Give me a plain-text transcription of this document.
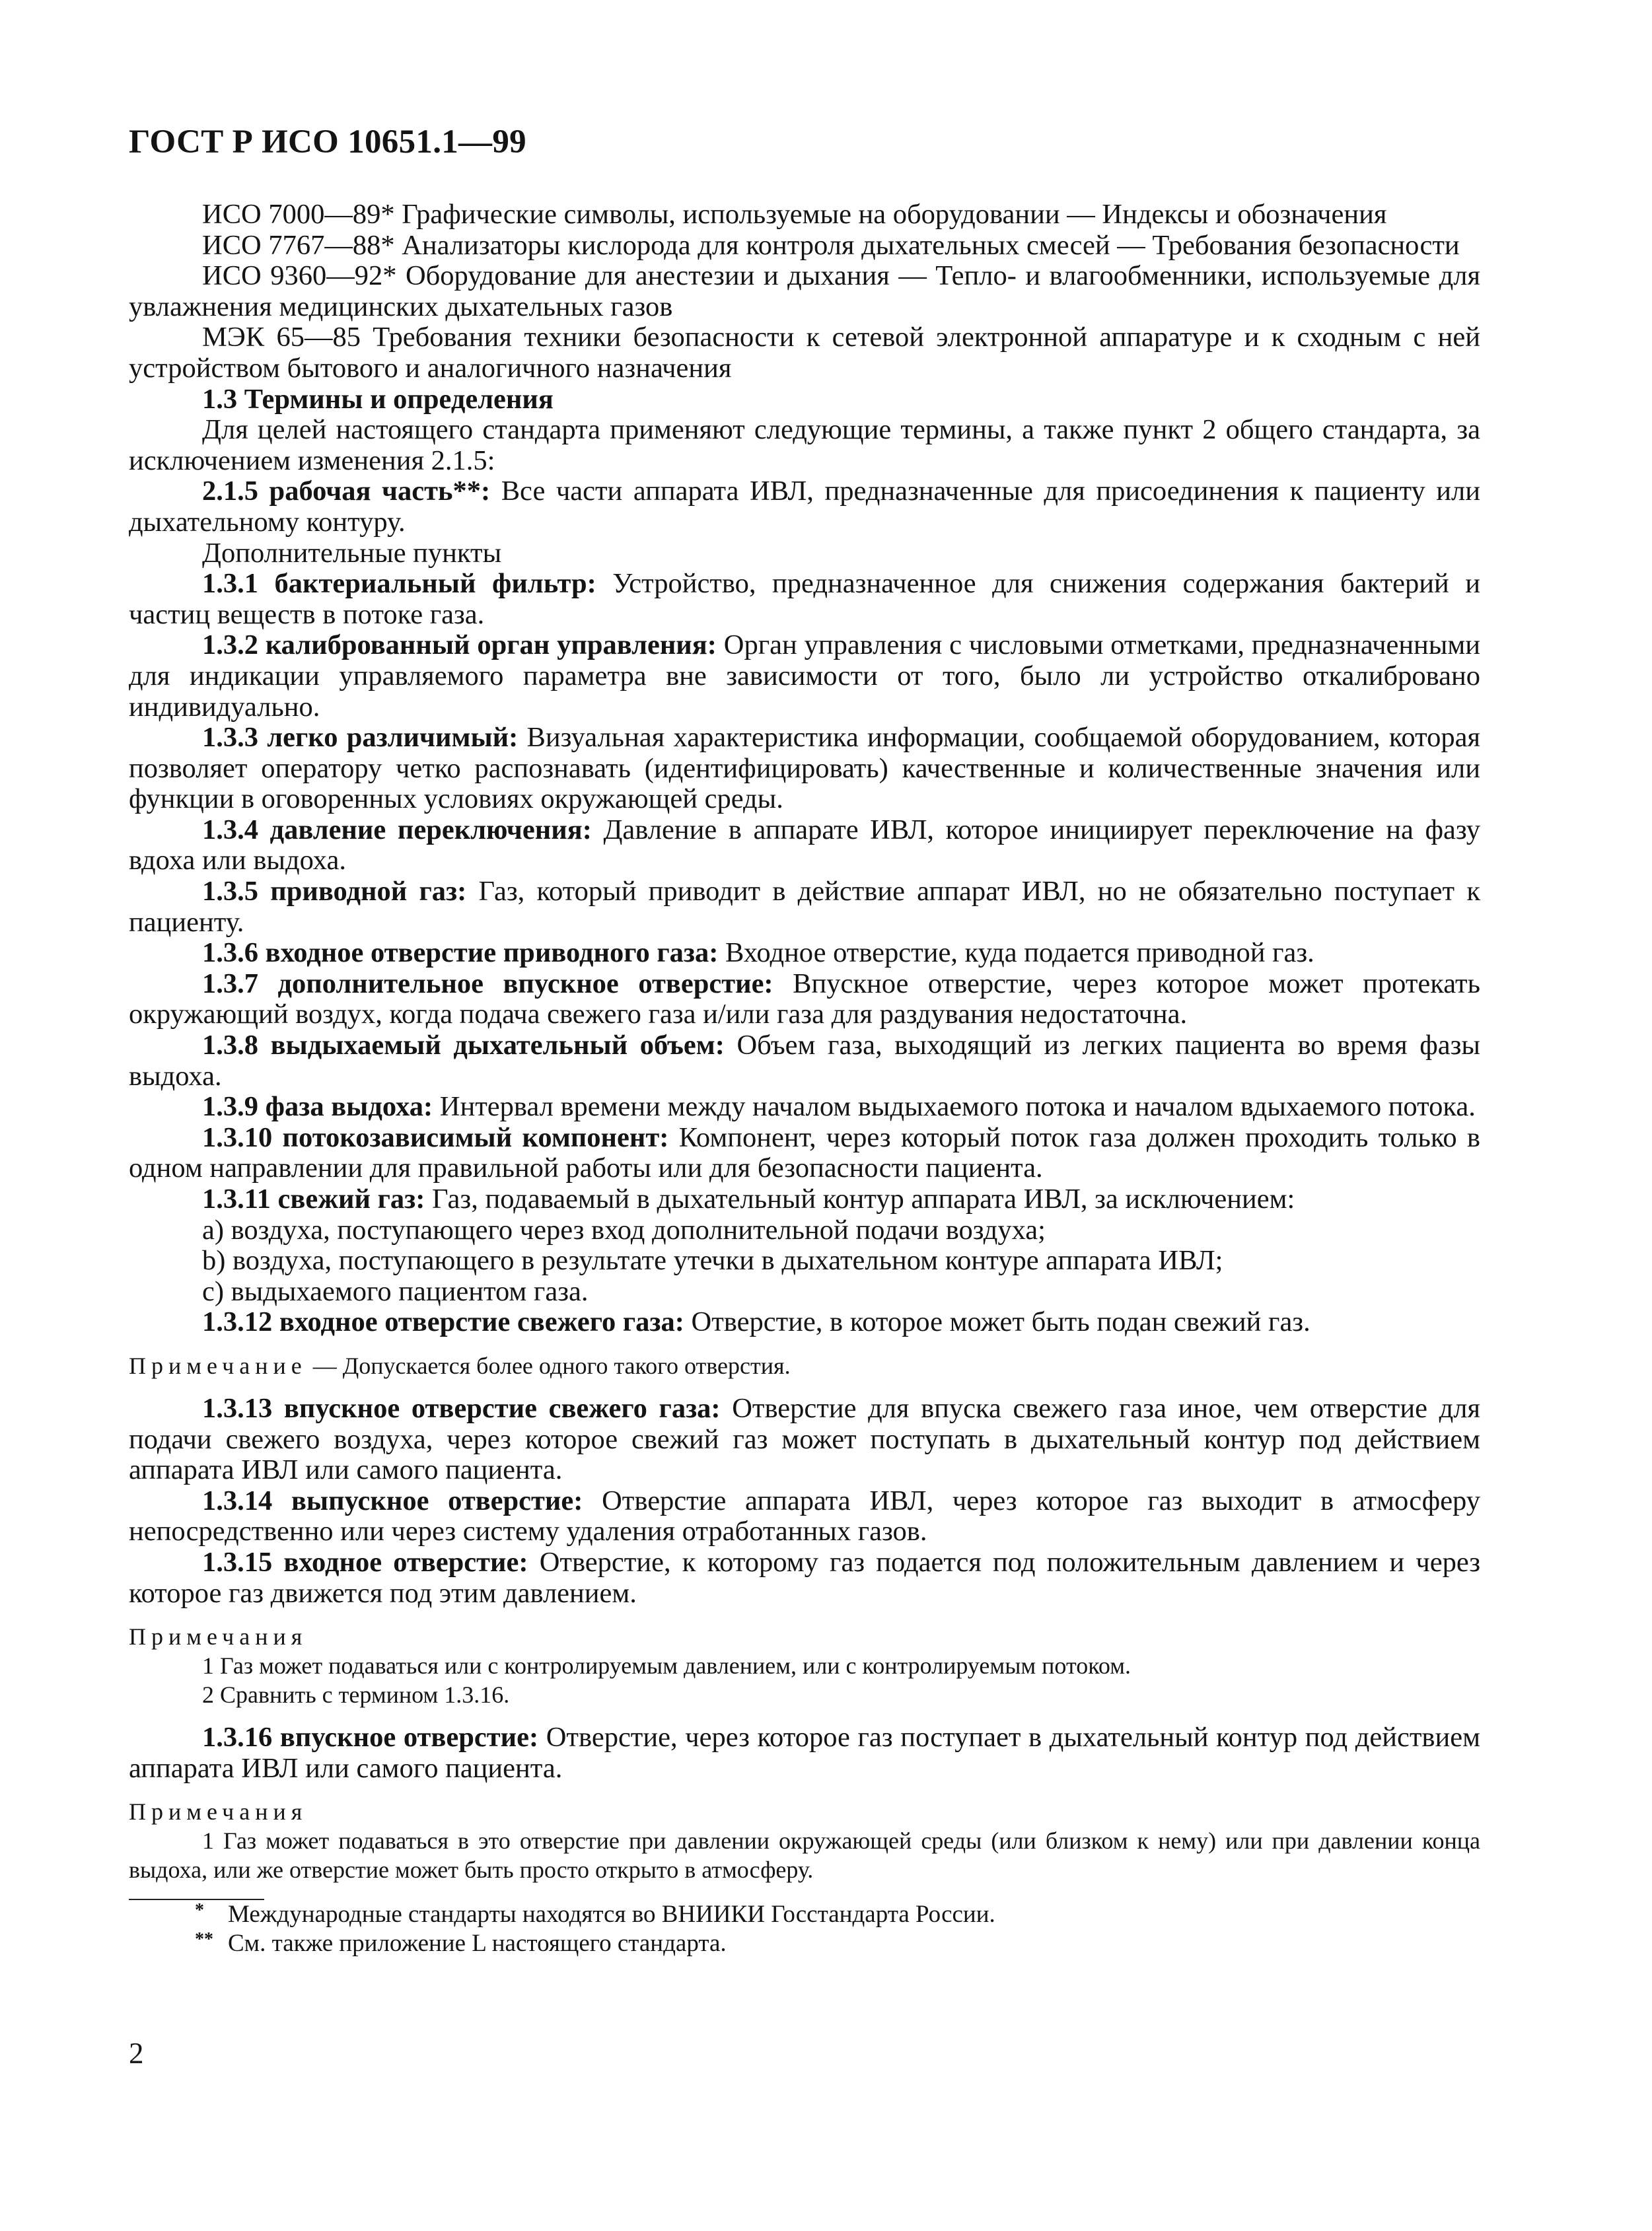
ГОСТ Р ИСО 10651.1—99

ИСО 7000—89* Графические символы, используемые на оборудовании — Индексы и обозначения

ИСО 7767—88* Анализаторы кислорода для контроля дыхательных смесей — Требования безопасности

ИСО 9360—92* Оборудование для анестезии и дыхания — Тепло- и влагообменники, используемые для увлажнения медицинских дыхательных газов

МЭК 65—85 Требования техники безопасности к сетевой электронной аппаратуре и к сходным с ней устройством бытового и аналогичного назначения

1.3 Термины и определения

Для целей настоящего стандарта применяют следующие термины, а также пункт 2 общего стандарта, за исключением изменения 2.1.5:

2.1.5 рабочая часть**: Все части аппарата ИВЛ, предназначенные для присоединения к пациенту или дыхательному контуру.

Дополнительные пункты

1.3.1 бактериальный фильтр: Устройство, предназначенное для снижения содержания бактерий и частиц веществ в потоке газа.

1.3.2 калиброванный орган управления: Орган управления с числовыми отметками, предназначенными для индикации управляемого параметра вне зависимости от того, было ли устройство откалибровано индивидуально.

1.3.3 легко различимый: Визуальная характеристика информации, сообщаемой оборудованием, которая позволяет оператору четко распознавать (идентифицировать) качественные и количественные значения или функции в оговоренных условиях окружающей среды.

1.3.4 давление переключения: Давление в аппарате ИВЛ, которое инициирует переключение на фазу вдоха или выдоха.

1.3.5 приводной газ: Газ, который приводит в действие аппарат ИВЛ, но не обязательно поступает к пациенту.

1.3.6 входное отверстие приводного газа: Входное отверстие, куда подается приводной газ.

1.3.7 дополнительное впускное отверстие: Впускное отверстие, через которое может протекать окружающий воздух, когда подача свежего газа и/или газа для раздувания недостаточна.

1.3.8 выдыхаемый дыхательный объем: Объем газа, выходящий из легких пациента во время фазы выдоха.

1.3.9 фаза выдоха: Интервал времени между началом выдыхаемого потока и началом вдыхаемого потока.

1.3.10 потокозависимый компонент: Компонент, через который поток газа должен проходить только в одном направлении для правильной работы или для безопасности пациента.

1.3.11 свежий газ: Газ, подаваемый в дыхательный контур аппарата ИВЛ, за исключением:

a) воздуха, поступающего через вход дополнительной подачи воздуха;

b) воздуха, поступающего в результате утечки в дыхательном контуре аппарата ИВЛ;

c) выдыхаемого пациентом газа.

1.3.12 входное отверстие свежего газа: Отверстие, в которое может быть подан свежий газ.

Примечание — Допускается более одного такого отверстия.

1.3.13 впускное отверстие свежего газа: Отверстие для впуска свежего газа иное, чем отверстие для подачи свежего воздуха, через которое свежий газ может поступать в дыхательный контур под действием аппарата ИВЛ или самого пациента.

1.3.14 выпускное отверстие: Отверстие аппарата ИВЛ, через которое газ выходит в атмосферу непосредственно или через систему удаления отработанных газов.

1.3.15 входное отверстие: Отверстие, к которому газ подается под положительным давлением и через которое газ движется под этим давлением.

Примечания

1 Газ может подаваться или с контролируемым давлением, или с контролируемым потоком.

2 Сравнить с термином 1.3.16.

1.3.16 впускное отверстие: Отверстие, через которое газ поступает в дыхательный контур под действием аппарата ИВЛ или самого пациента.

Примечания

1 Газ может подаваться в это отверстие при давлении окружающей среды (или близком к нему) или при давлении конца выдоха, или же отверстие может быть просто открыто в атмосферу.

* Международные стандарты находятся во ВНИИКИ Госстандарта России.

** См. также приложение L настоящего стандарта.

2
